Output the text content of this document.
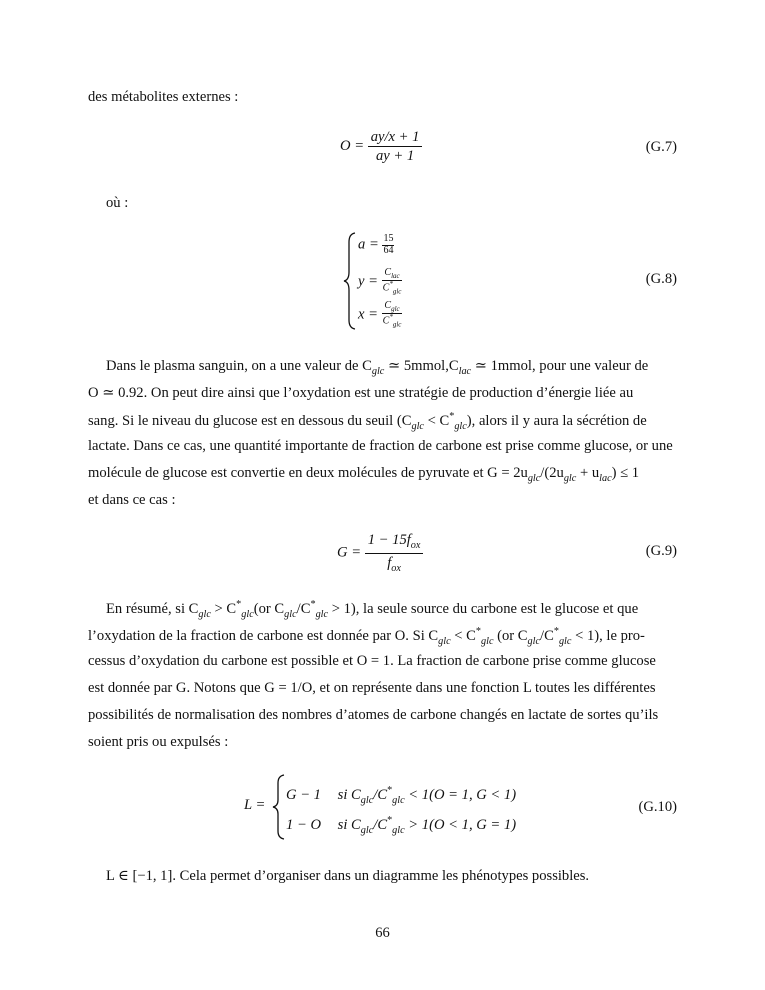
des métabolites externes :
$O = \frac{ay/x + 1}{ay + 1}$	(G.7)
où :
$a = \frac{15}{64}$
y =
$C_{lac}$
$C^*_{glc}$
x =
$C_{glc}$
$C^*_{glc}$
(G.8)
Dans le plasma sanguin, on a une valeur de $C_{glc}$ ≃ $5mmol,C_{lac}$ ≃ 1mmol, pour une valeur de
O ≃ 0.92. On peut dire ainsi que l’oxydation est une stratégie de production d’énergie liée au
sang. Si le niveau du glucose est en dessous du seuil $(C_{glc} < C^*_{glc})$, alors il y aura la sécrétion de
lactate. Dans ce cas, une quantité importante de fraction de carbone est prise comme glucose, or une
molécule de glucose est convertie en deux molécules de pyruvate et $G = 2u_{glc}/(2u_{glc} + u_{lac}) \le 1$
et dans ce cas :
$G = \frac{1 - 15f_{ox}}{f_{ox}}$	(G.9)
En résumé, si $C_{glc} > C^*_{glc}(or$ $C_{glc}/C^*_{glc} > 1$), la seule source du carbone est le glucose et que
l’oxydation de la fraction de carbone est donnée par O. Si $C_{glc} < C^*_{glc}$ (or $C_{glc}/C^*_{glc} < 1$), le pro-
cessus d’oxydation du carbone est possible et O = 1. La fraction de carbone prise comme glucose
est donnée par G. Notons que G = 1/O, et on représente dans une fonction L toutes les différentes
possibilités de normalisation des nombres d’atomes de carbone changés en lactate de sortes qu’ils
soient pris ou expulsés :
L =
G − 1 si $C_{glc}/C^*_{glc} < 1(O = 1$, G < 1)
1 − O si $C_{glc}/C^*_{glc} > 1(O < 1$, G = 1)
(G.10)
L ∈ [−1, 1]. Cela permet d’organiser dans un diagramme les phénotypes possibles.
66
